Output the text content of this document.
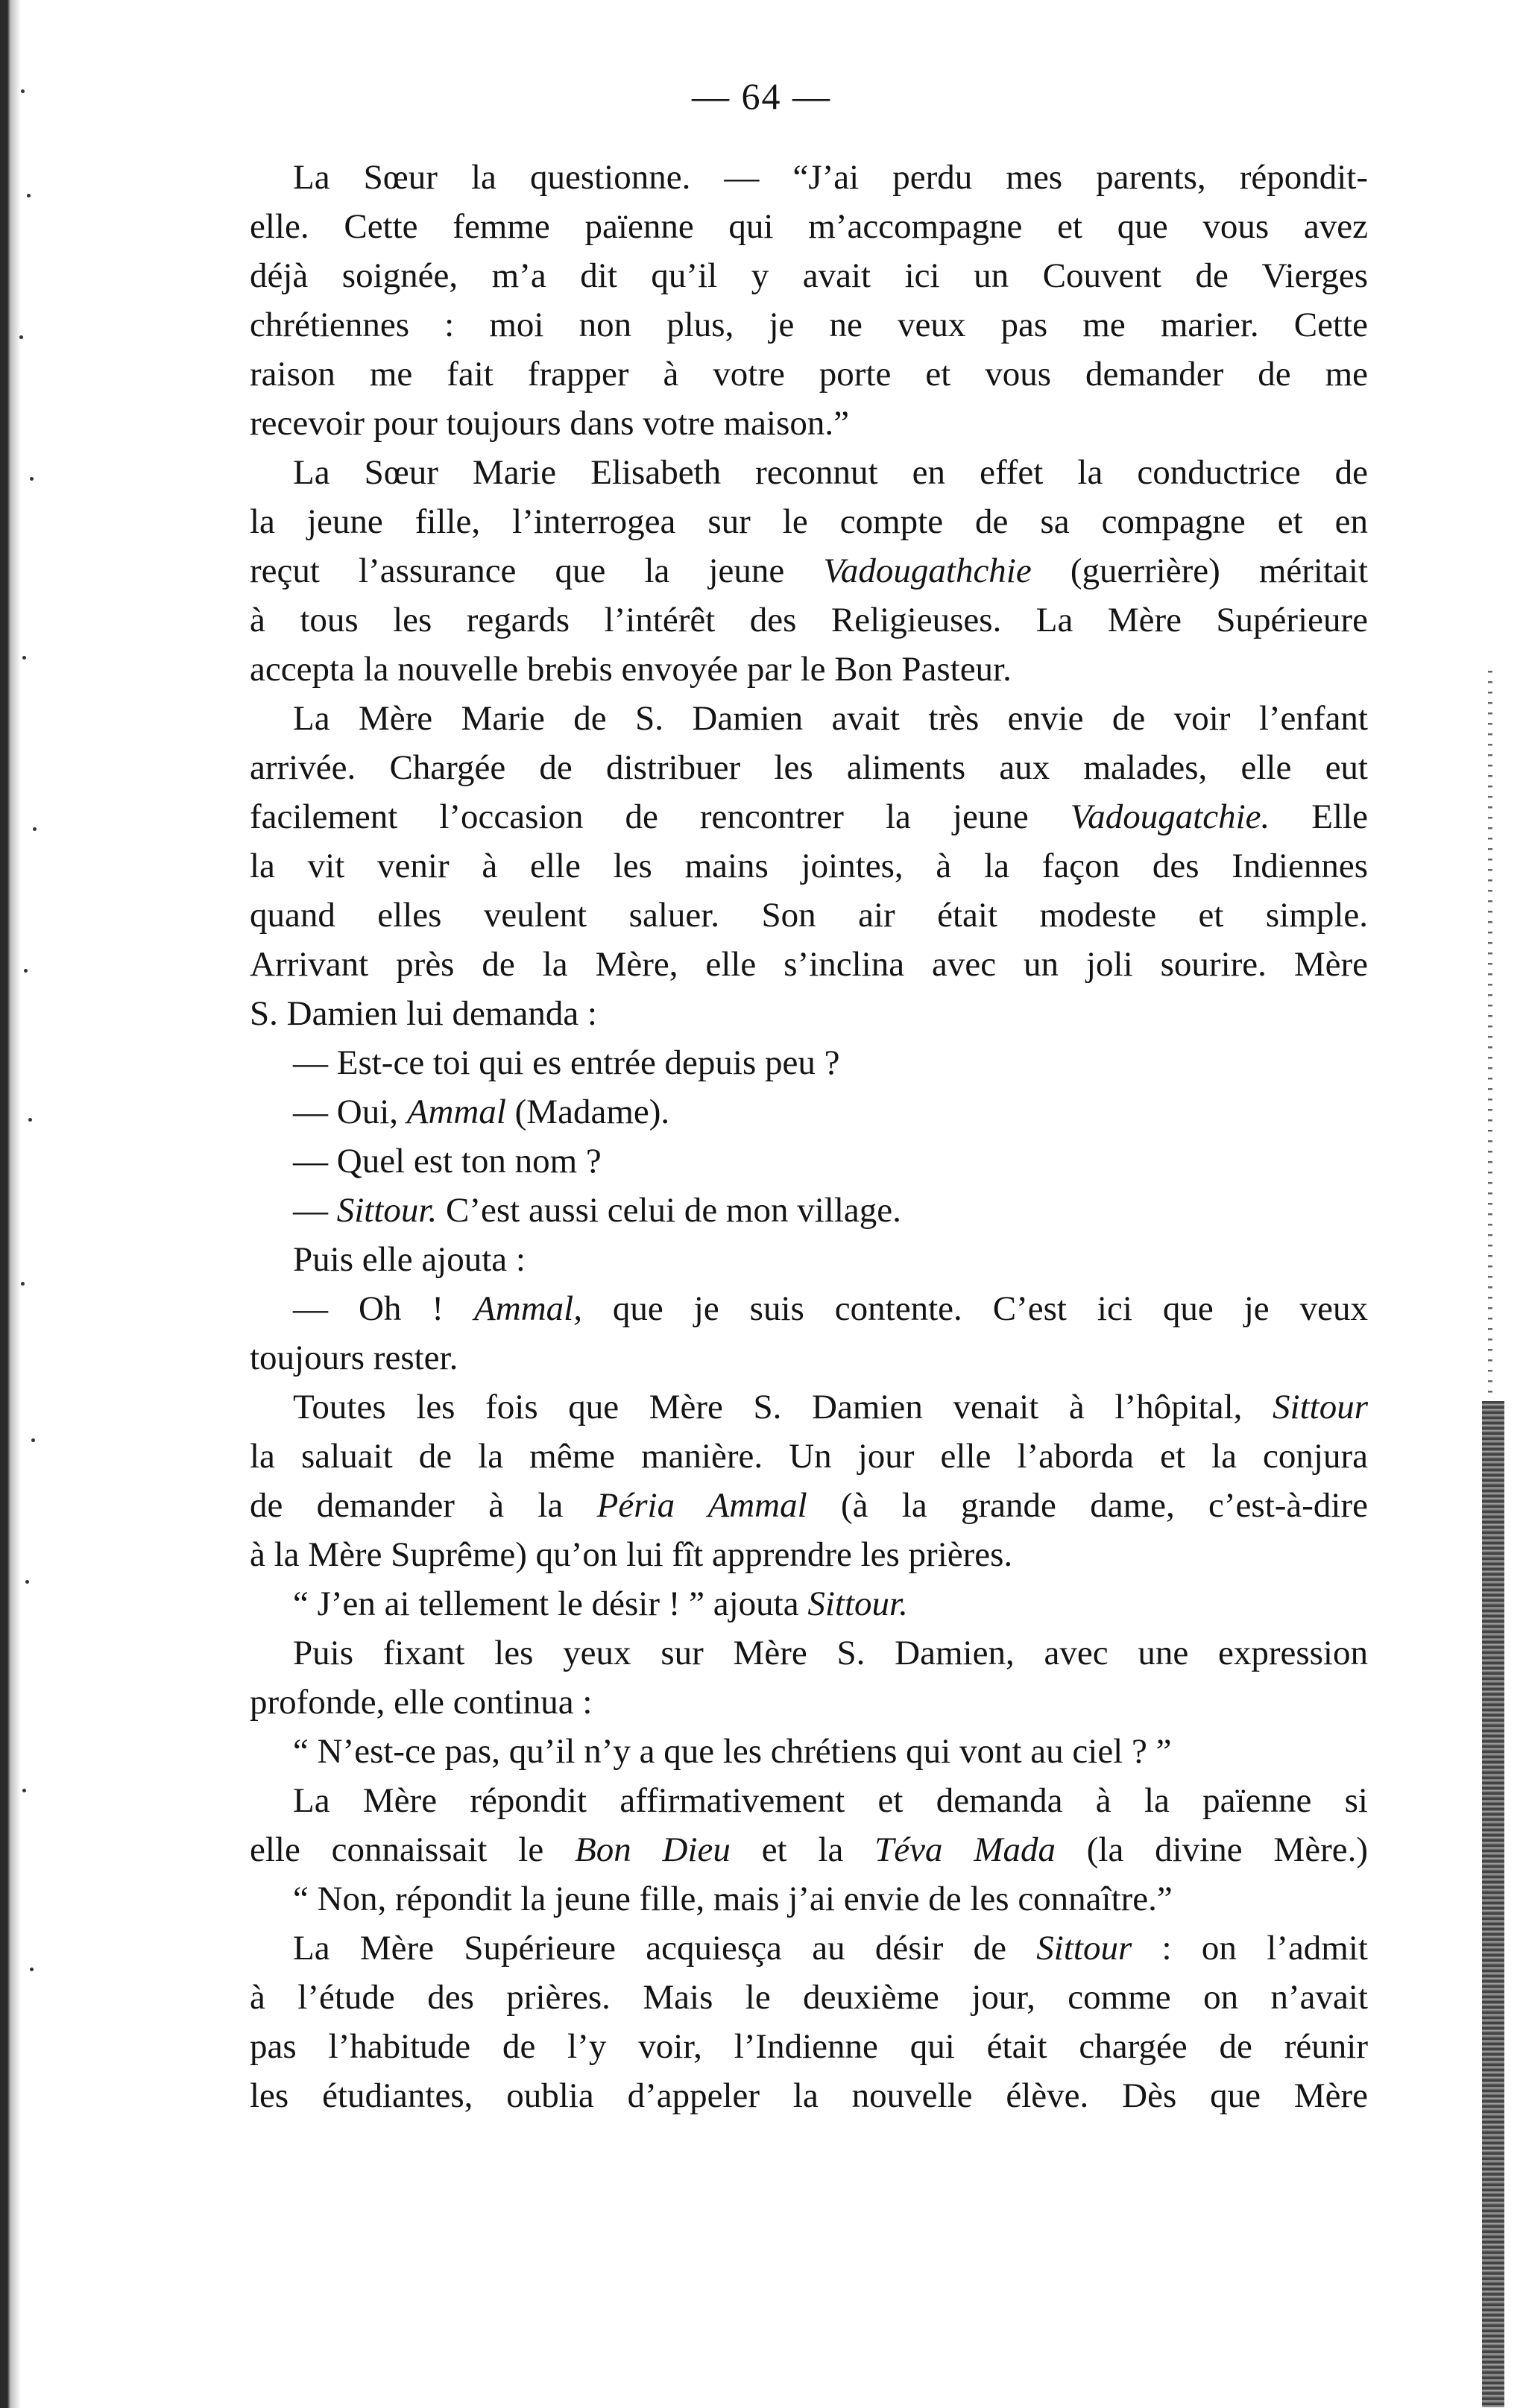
— 64 —
La Sœur la questionne. — “J’ai perdu mes parents, répondit-
elle. Cette femme païenne qui m’accompagne et que vous avez
déjà soignée, m’a dit qu’il y avait ici un Couvent de Vierges
chrétiennes : moi non plus, je ne veux pas me marier. Cette
raison me fait frapper à votre porte et vous demander de me
recevoir pour toujours dans votre maison.”
La Sœur Marie Elisabeth reconnut en effet la conductrice de
la jeune fille, l’interrogea sur le compte de sa compagne et en
reçut l’assurance que la jeune Vadougathchie (guerrière) méritait
à tous les regards l’intérêt des Religieuses. La Mère Supérieure
accepta la nouvelle brebis envoyée par le Bon Pasteur.
La Mère Marie de S. Damien avait très envie de voir l’enfant
arrivée. Chargée de distribuer les aliments aux malades, elle eut
facilement l’occasion de rencontrer la jeune Vadougatchie. Elle
la vit venir à elle les mains jointes, à la façon des Indiennes
quand elles veulent saluer. Son air était modeste et simple.
Arrivant près de la Mère, elle s’inclina avec un joli sourire. Mère
S. Damien lui demanda :
— Est-ce toi qui es entrée depuis peu ?
— Oui, Ammal (Madame).
— Quel est ton nom ?
— Sittour. C’est aussi celui de mon village.
Puis elle ajouta :
— Oh ! Ammal, que je suis contente. C’est ici que je veux
toujours rester.
Toutes les fois que Mère S. Damien venait à l’hôpital, Sittour
la saluait de la même manière. Un jour elle l’aborda et la conjura
de demander à la Péria Ammal (à la grande dame, c’est-à-dire
à la Mère Suprême) qu’on lui fît apprendre les prières.
“ J’en ai tellement le désir ! ” ajouta Sittour.
Puis fixant les yeux sur Mère S. Damien, avec une expression
profonde, elle continua :
“ N’est-ce pas, qu’il n’y a que les chrétiens qui vont au ciel ? ”
La Mère répondit affirmativement et demanda à la païenne si
elle connaissait le Bon Dieu et la Téva Mada (la divine Mère.)
“ Non, répondit la jeune fille, mais j’ai envie de les connaître.”
La Mère Supérieure acquiesça au désir de Sittour : on l’admit
à l’étude des prières. Mais le deuxième jour, comme on n’avait
pas l’habitude de l’y voir, l’Indienne qui était chargée de réunir
les étudiantes, oublia d’appeler la nouvelle élève. Dès que Mère
